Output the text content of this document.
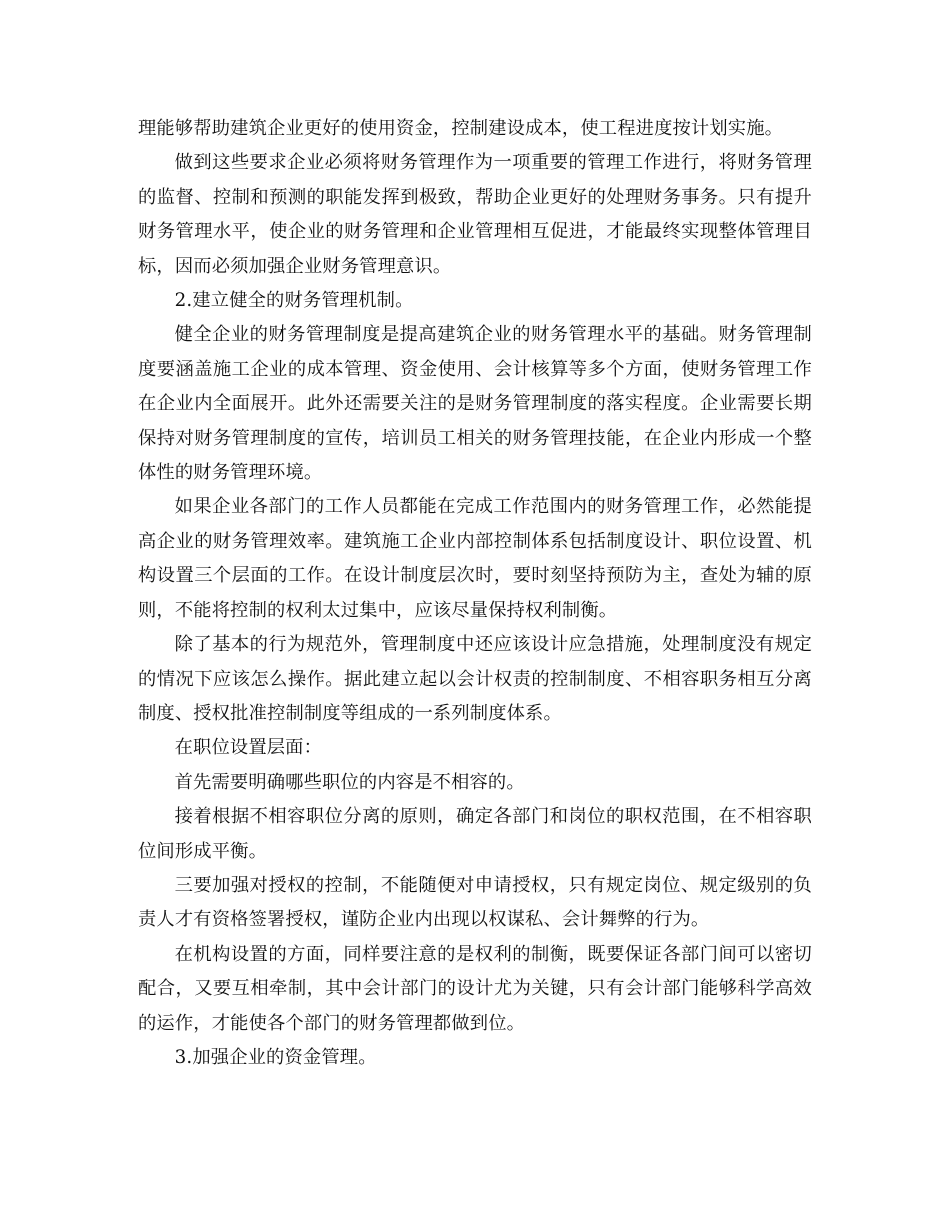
理能够帮助建筑企业更好的使用资金，控制建设成本，使工程进度按计划实施。

做到这些要求企业必须将财务管理作为一项重要的管理工作进行，将财务管理的监督、控制和预测的职能发挥到极致，帮助企业更好的处理财务事务。只有提升财务管理水平，使企业的财务管理和企业管理相互促进，才能最终实现整体管理目标，因而必须加强企业财务管理意识。

2.建立健全的财务管理机制。

健全企业的财务管理制度是提高建筑企业的财务管理水平的基础。财务管理制度要涵盖施工企业的成本管理、资金使用、会计核算等多个方面，使财务管理工作在企业内全面展开。此外还需要关注的是财务管理制度的落实程度。企业需要长期保持对财务管理制度的宣传，培训员工相关的财务管理技能，在企业内形成一个整体性的财务管理环境。

如果企业各部门的工作人员都能在完成工作范围内的财务管理工作，必然能提高企业的财务管理效率。建筑施工企业内部控制体系包括制度设计、职位设置、机构设置三个层面的工作。在设计制度层次时，要时刻坚持预防为主，查处为辅的原则，不能将控制的权利太过集中，应该尽量保持权利制衡。

除了基本的行为规范外，管理制度中还应该设计应急措施，处理制度没有规定的情况下应该怎么操作。据此建立起以会计权责的控制制度、不相容职务相互分离制度、授权批准控制制度等组成的一系列制度体系。

在职位设置层面：

首先需要明确哪些职位的内容是不相容的。

接着根据不相容职位分离的原则，确定各部门和岗位的职权范围，在不相容职位间形成平衡。

三要加强对授权的控制，不能随便对申请授权，只有规定岗位、规定级别的负责人才有资格签署授权，谨防企业内出现以权谋私、会计舞弊的行为。

在机构设置的方面，同样要注意的是权利的制衡，既要保证各部门间可以密切配合，又要互相牵制，其中会计部门的设计尤为关键，只有会计部门能够科学高效的运作，才能使各个部门的财务管理都做到位。

3.加强企业的资金管理。
